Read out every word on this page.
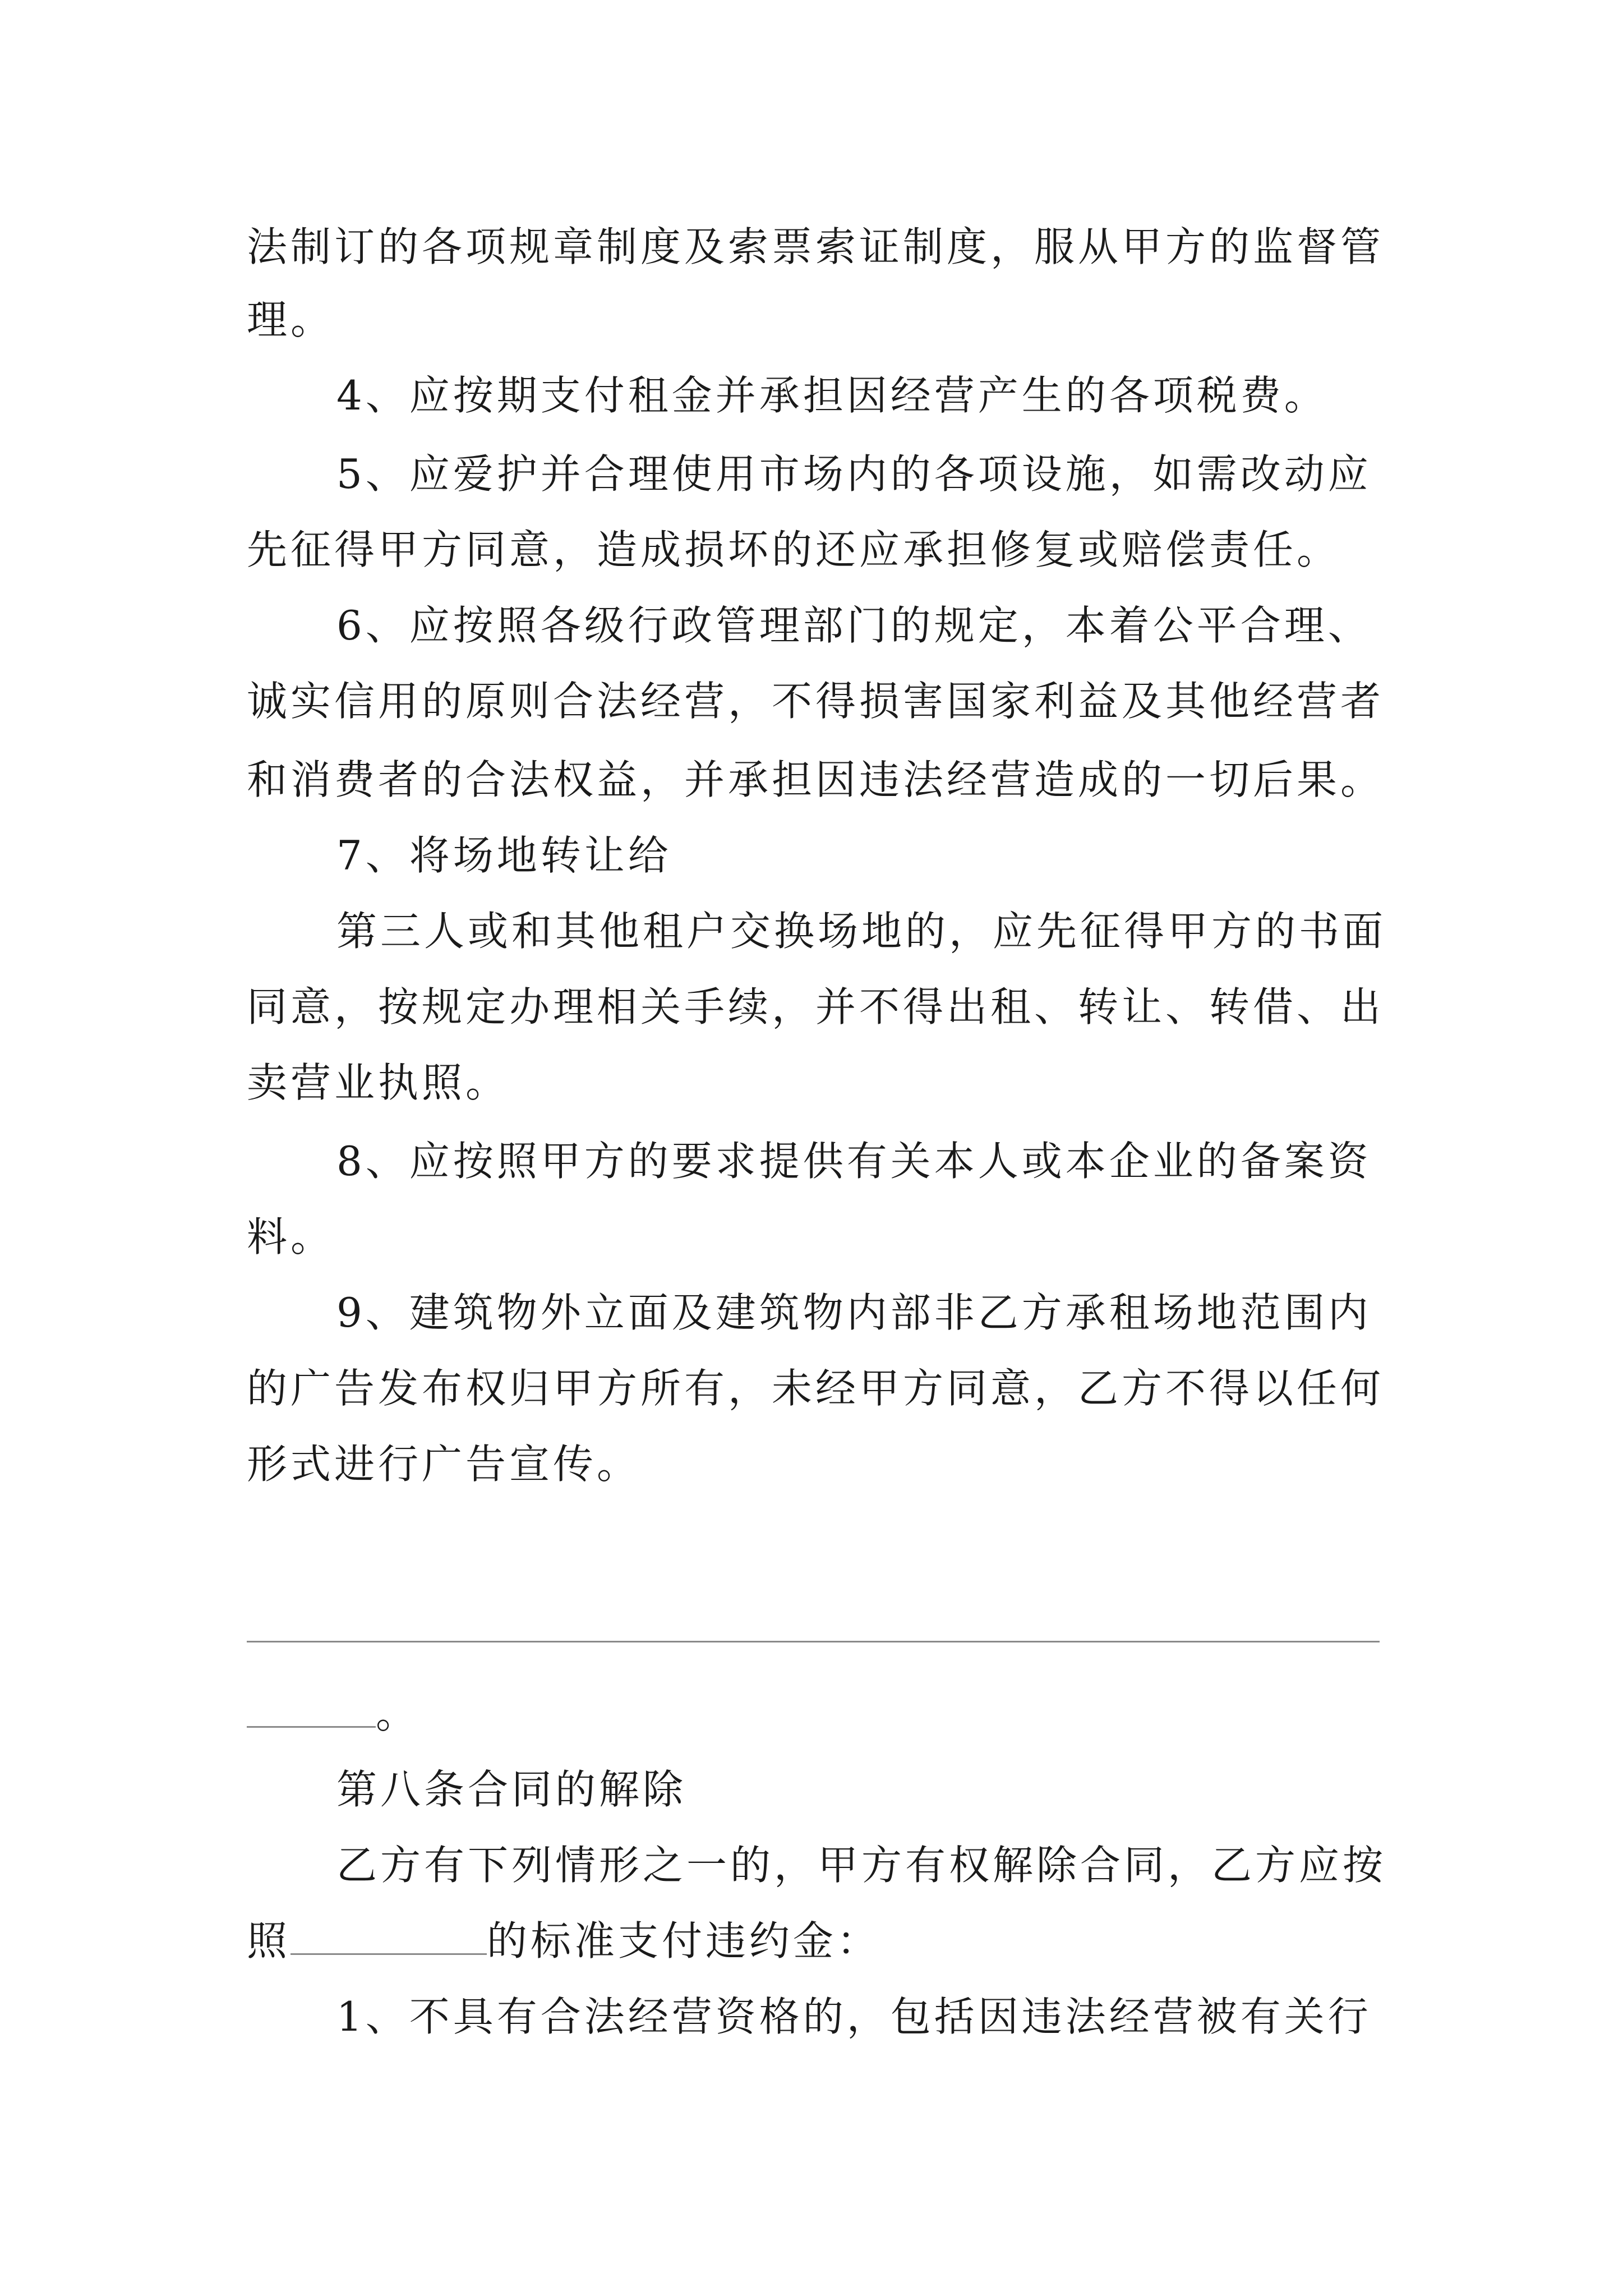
法制订的各项规章制度及索票索证制度，服从甲方的监督管
理。
4、应按期支付租金并承担因经营产生的各项税费。
5、应爱护并合理使用市场内的各项设施，如需改动应
先征得甲方同意，造成损坏的还应承担修复或赔偿责任。
6、应按照各级行政管理部门的规定，本着公平合理、
诚实信用的原则合法经营，不得损害国家利益及其他经营者
和消费者的合法权益，并承担因违法经营造成的一切后果。
7、将场地转让给
第三人或和其他租户交换场地的，应先征得甲方的书面
同意，按规定办理相关手续，并不得出租、转让、转借、出
卖营业执照。
8、应按照甲方的要求提供有关本人或本企业的备案资
料。
9、建筑物外立面及建筑物内部非乙方承租场地范围内
的广告发布权归甲方所有，未经甲方同意，乙方不得以任何
形式进行广告宣传。
。
第八条合同的解除
乙方有下列情形之一的，甲方有权解除合同，乙方应按
照	的标准支付违约金：
1、不具有合法经营资格的，包括因违法经营被有关行
